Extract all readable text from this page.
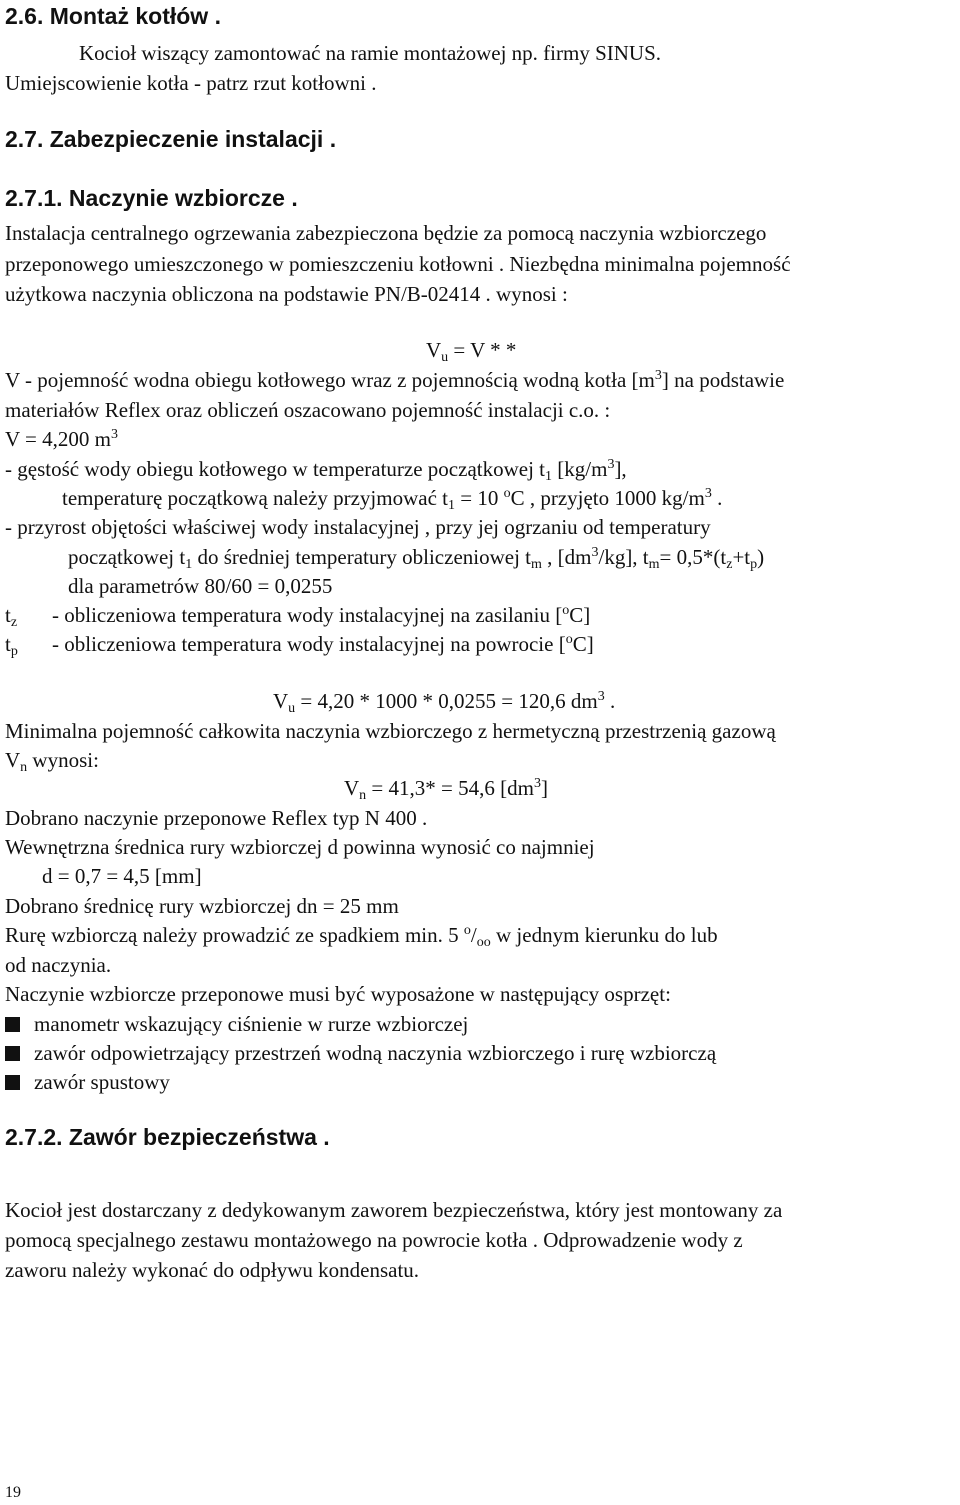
2.6. Montaż kotłów .
Kocioł wiszący zamontować na ramie montażowej np. firmy SINUS.
Umiejscowienie kotła - patrz rzut kotłowni .
2.7. Zabezpieczenie instalacji .
2.7.1. Naczynie wzbiorcze .
Instalacja centralnego ogrzewania zabezpieczona będzie za pomocą naczynia wzbiorczego
przeponowego umieszczonego w pomieszczeniu kotłowni . Niezbędna minimalna pojemność
użytkowa naczynia obliczona na podstawie PN/B-02414 . wynosi :
$V_u = V$ * *
V - pojemność wodna obiegu kotłowego wraz z pojemnością wodną kotła $[m^3]$ na podstawie
materiałów Reflex oraz obliczeń oszacowano pojemność instalacji c.o. :
V = 4,200 $m^3$
- gęstość wody obiegu kotłowego w temperaturze początkowej $t_1$ $[kg/m^3]$,
temperaturę początkową należy przyjmować $t_1 = 10$ $^o$C , przyjęto 1000 $kg/m^3$ .
- przyrost objętości właściwej wody instalacyjnej , przy jej ogrzaniu od temperatury
początkowej $t_1$ do średniej temperatury obliczeniowej $t_m$ , $[dm^3/kg]$, $t_m= 0,5*(t_z+t_p)$
dla parametrów 80/60 = 0,0255
$t_z$ - obliczeniowa temperatura wody instalacyjnej na zasilaniu [$^o$C]
$t_p$ - obliczeniowa temperatura wody instalacyjnej na powrocie [$^o$C]
$V_u = 4,20 * 1000 * 0,0255 = 120,6$ $dm^3$ .
Minimalna pojemność całkowita naczynia wzbiorczego z hermetyczną przestrzenią gazową
$V_n$ wynosi:
$V_n = 41,3* = 54,6$ $[dm^3]$
Dobrano naczynie przeponowe Reflex typ N 400 .
Wewnętrzna średnica rury wzbiorczej d powinna wynosić co najmniej
d = 0,7 = 4,5 [mm]
Dobrano średnicę rury wzbiorczej dn = 25 mm
Rurę wzbiorczą należy prowadzić ze spadkiem min. 5 $^o/_{oo}$ w jednym kierunku do lub
od naczynia.
Naczynie wzbiorcze przeponowe musi być wyposażone w następujący osprzęt:
manometr wskazujący ciśnienie w rurze wzbiorczej
zawór odpowietrzający przestrzeń wodną naczynia wzbiorczego i rurę wzbiorczą
zawór spustowy
2.7.2. Zawór bezpieczeństwa .
Kocioł jest dostarczany z dedykowanym zaworem bezpieczeństwa, który jest montowany za
pomocą specjalnego zestawu montażowego na powrocie kotła . Odprowadzenie wody z
zaworu należy wykonać do odpływu kondensatu.
19
